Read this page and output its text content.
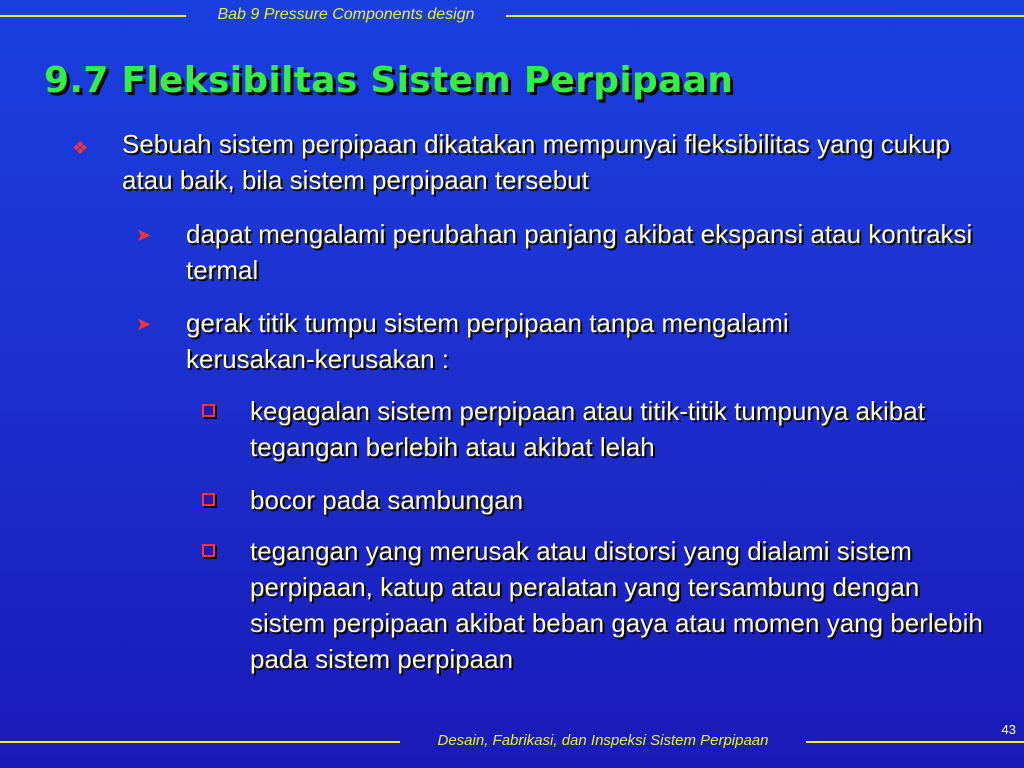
Bab 9 Pressure Components design
9.7 Fleksibiltas Sistem Perpipaan
❖ Sebuah sistem perpipaan dikatakan mempunyai fleksibilitas yang cukup atau baik, bila sistem perpipaan tersebut
➤ dapat mengalami perubahan panjang akibat ekspansi atau kontraksi termal
➤ gerak titik tumpu sistem perpipaan tanpa mengalami kerusakan-kerusakan :
kegagalan sistem perpipaan atau titik-titik tumpunya akibat tegangan berlebih atau akibat lelah
bocor pada sambungan
tegangan yang merusak atau distorsi yang dialami sistem perpipaan, katup atau peralatan yang tersambung dengan sistem perpipaan akibat beban gaya atau momen yang berlebih pada sistem perpipaan
Desain, Fabrikasi, dan Inspeksi Sistem Perpipaan
43
